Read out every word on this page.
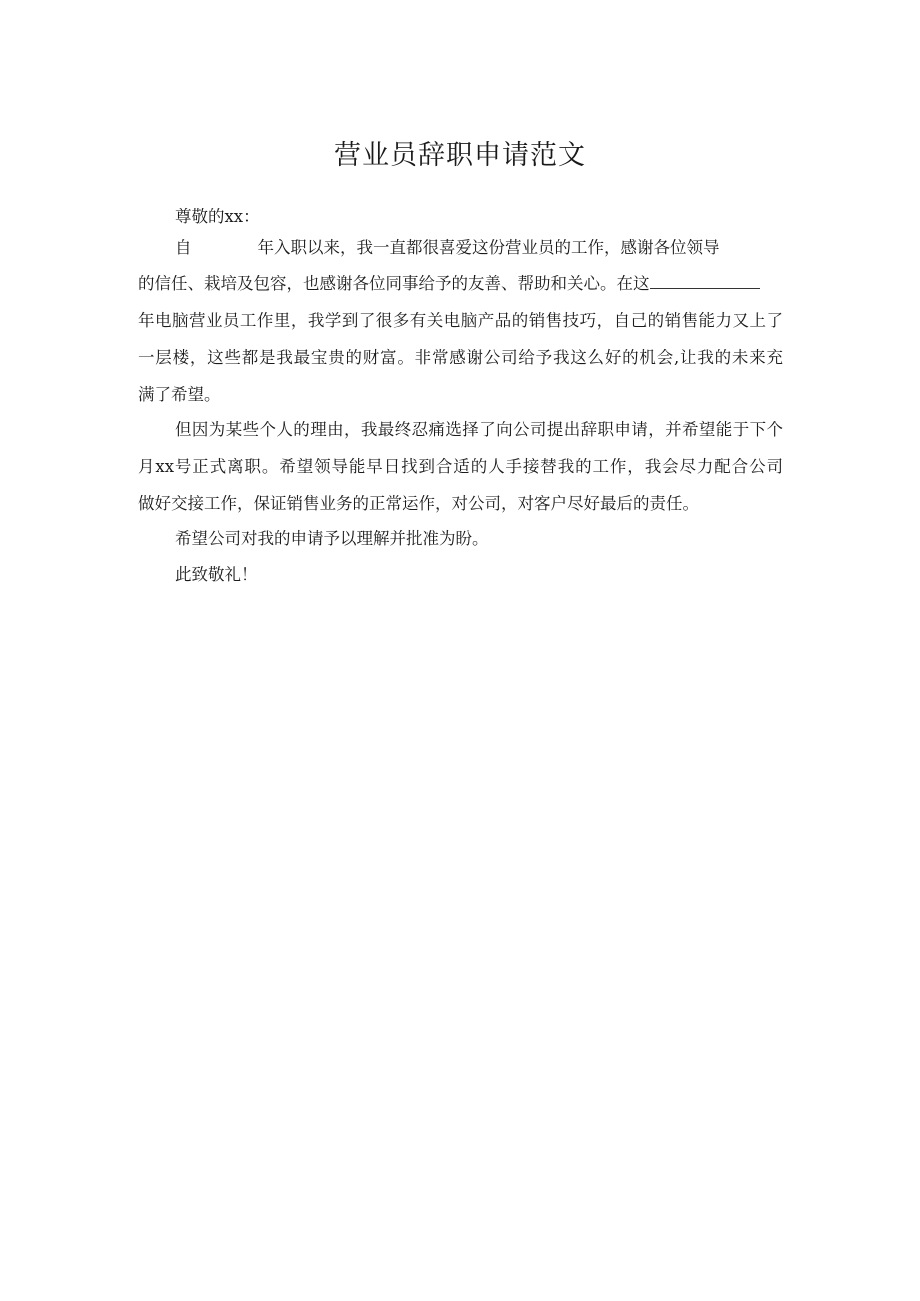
营业员辞职申请范文
尊敬的xx：
自	年入职以来，我一直都很喜爱这份营业员的工作，感谢各位领导
的信任、栽培及包容，也感谢各位同事给予的友善、帮助和关心。在这
年电脑营业员工作里，我学到了很多有关电脑产品的销售技巧，自己的销售能力又上了
一层楼，这些都是我最宝贵的财富。非常感谢公司给予我这么好的机会,让我的未来充
满了希望。
但因为某些个人的理由，我最终忍痛选择了向公司提出辞职申请，并希望能于下个
月xx号正式离职。希望领导能早日找到合适的人手接替我的工作，我会尽力配合公司
做好交接工作，保证销售业务的正常运作，对公司，对客户尽好最后的责任。
希望公司对我的申请予以理解并批准为盼。
此致敬礼！
